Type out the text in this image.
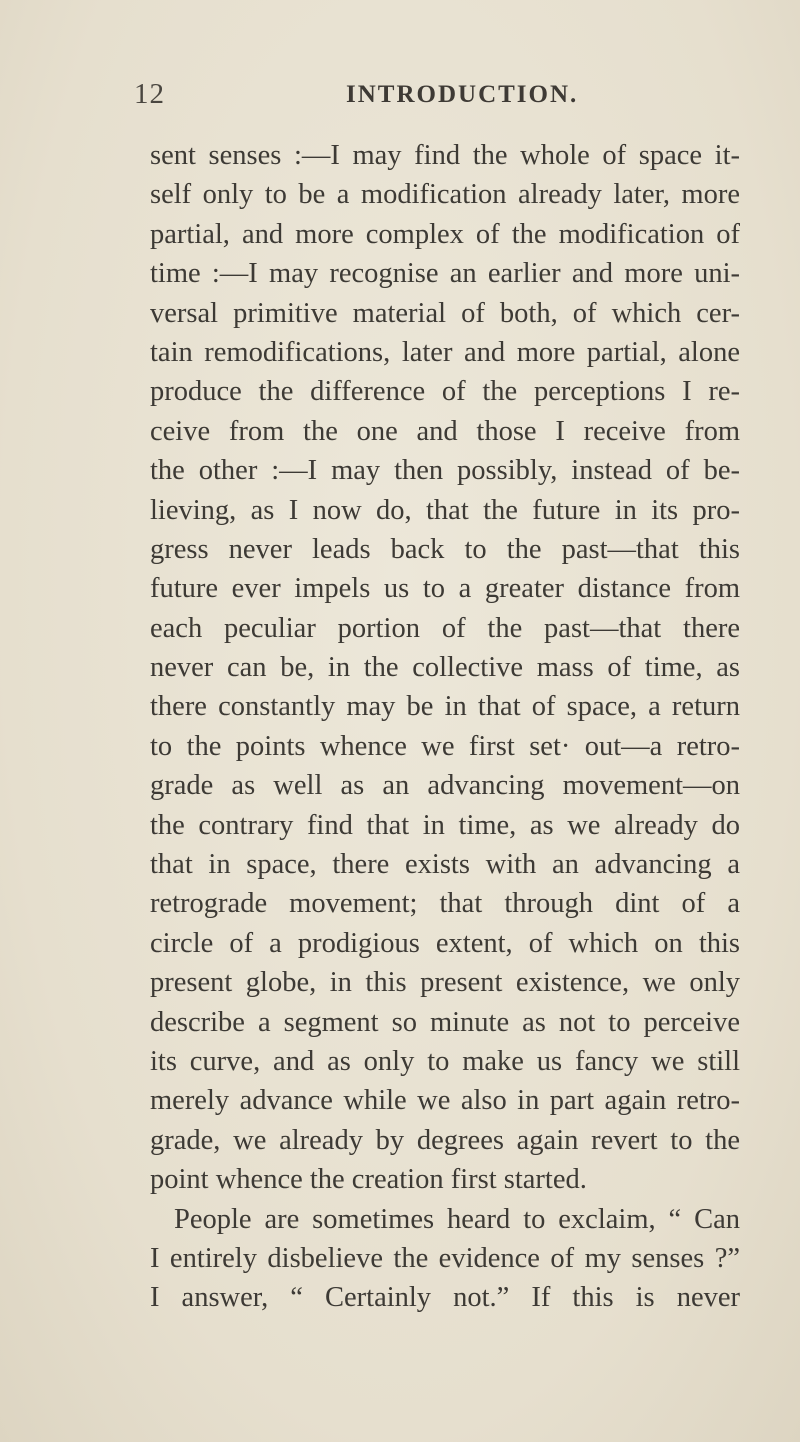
12	INTRODUCTION.
sent senses :—I may find the whole of space it-
self only to be a modification already later, more
partial, and more complex of the modification of
time :—I may recognise an earlier and more uni-
versal primitive material of both, of which cer-
tain remodifications, later and more partial, alone
produce the difference of the perceptions I re-
ceive from the one and those I receive from
the other :—I may then possibly, instead of be-
lieving, as I now do, that the future in its pro-
gress never leads back to the past—that this
future ever impels us to a greater distance from
each peculiar portion of the past—that there
never can be, in the collective mass of time, as
there constantly may be in that of space, a return
to the points whence we first set· out—a retro-
grade as well as an advancing movement—on
the contrary find that in time, as we already do
that in space, there exists with an advancing a
retrograde movement; that through dint of a
circle of a prodigious extent, of which on this
present globe, in this present existence, we only
describe a segment so minute as not to perceive
its curve, and as only to make us fancy we still
merely advance while we also in part again retro-
grade, we already by degrees again revert to the
point whence the creation first started.
People are sometimes heard to exclaim, “ Can
I entirely disbelieve the evidence of my senses ?”
I answer, “ Certainly not.” If this is never
